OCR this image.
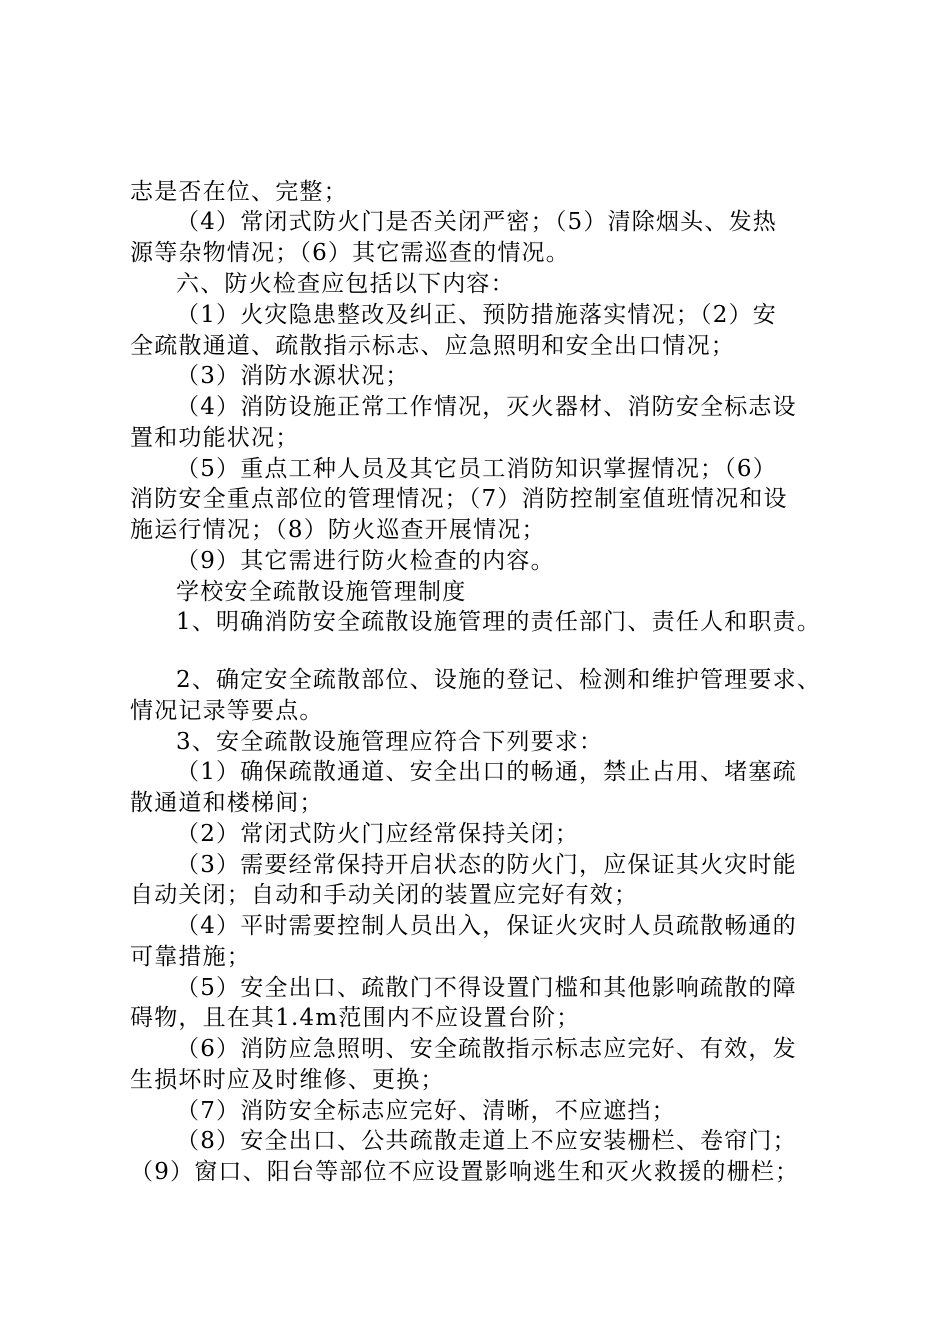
志是否在位、完整；
（4）常闭式防火门是否关闭严密；（5）清除烟头、发热
源等杂物情况；（6）其它需巡查的情况。
六、防火检查应包括以下内容：
（1）火灾隐患整改及纠正、预防措施落实情况；（2）安
全疏散通道、疏散指示标志、应急照明和安全出口情况；
（3）消防水源状况；
（4）消防设施正常工作情况，灭火器材、消防安全标志设
置和功能状况；
（5）重点工种人员及其它员工消防知识掌握情况；（6）
消防安全重点部位的管理情况；（7）消防控制室值班情况和设
施运行情况；（8）防火巡查开展情况；
（9）其它需进行防火检查的内容。
学校安全疏散设施管理制度
1、明确消防安全疏散设施管理的责任部门、责任人和职责。
2、确定安全疏散部位、设施的登记、检测和维护管理要求、
情况记录等要点。
3、安全疏散设施管理应符合下列要求：
（1）确保疏散通道、安全出口的畅通，禁止占用、堵塞疏
散通道和楼梯间；
（2）常闭式防火门应经常保持关闭；
（3）需要经常保持开启状态的防火门，应保证其火灾时能
自动关闭；自动和手动关闭的装置应完好有效；
（4）平时需要控制人员出入，保证火灾时人员疏散畅通的
可靠措施；
（5）安全出口、疏散门不得设置门槛和其他影响疏散的障
碍物，且在其1.4m范围内不应设置台阶；
（6）消防应急照明、安全疏散指示标志应完好、有效，发
生损坏时应及时维修、更换；
（7）消防安全标志应完好、清晰，不应遮挡；
（8）安全出口、公共疏散走道上不应安装栅栏、卷帘门；
（9）窗口、阳台等部位不应设置影响逃生和灭火救援的栅栏；
